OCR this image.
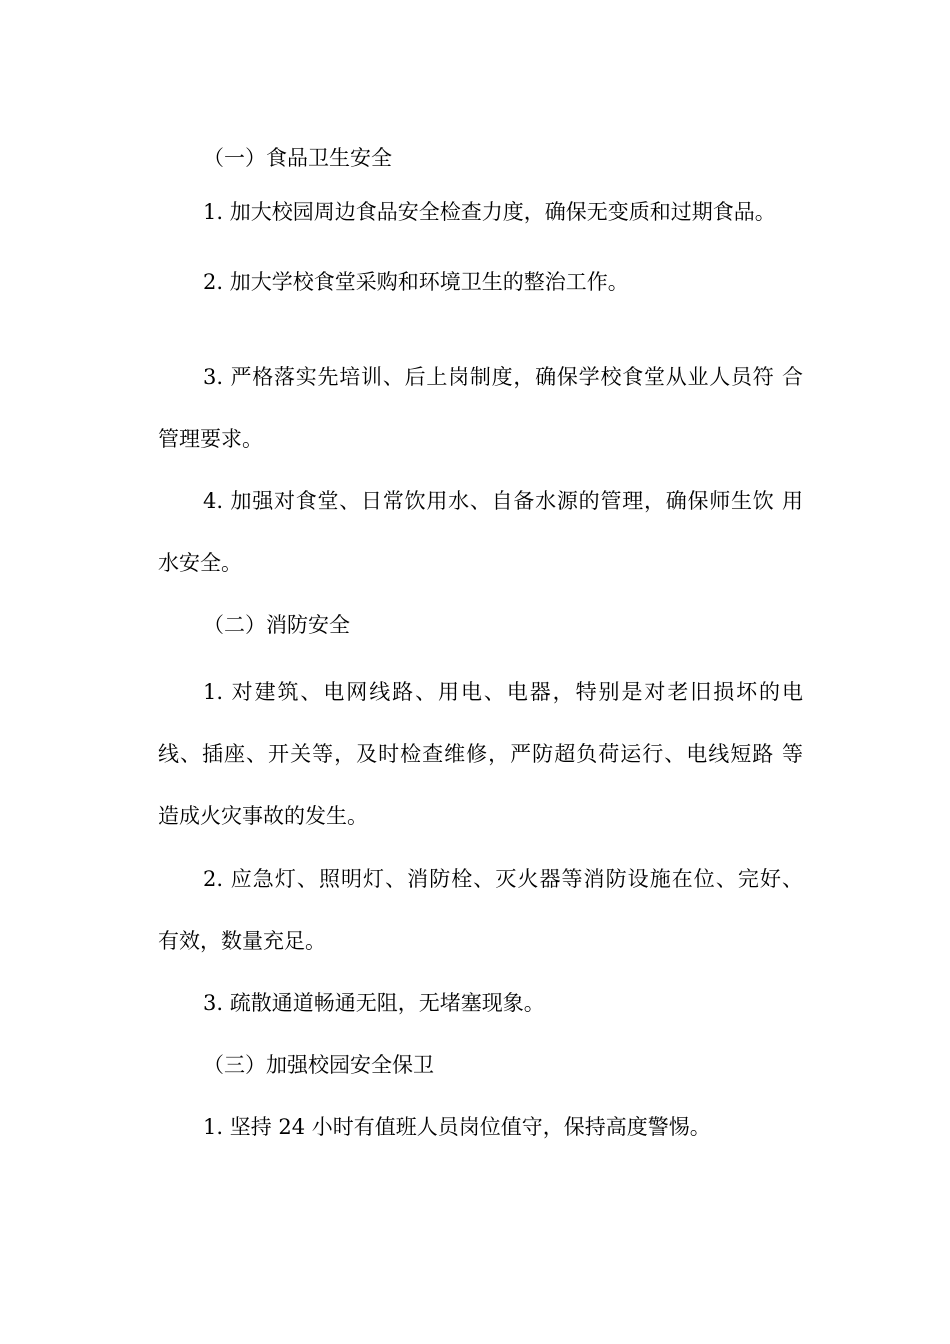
（一）食品卫生安全

1. 加大校园周边食品安全检查力度，确保无变质和过期食品。

2. 加大学校食堂采购和环境卫生的整治工作。

3. 严格落实先培训、后上岗制度，确保学校食堂从业人员符 合

管理要求。

4. 加强对食堂、日常饮用水、自备水源的管理，确保师生饮 用

水安全。

（二）消防安全

1. 对建筑、电网线路、用电、电器，特别是对老旧损坏的电

线、插座、开关等，及时检查维修，严防超负荷运行、电线短路 等

造成火灾事故的发生。

2. 应急灯、照明灯、消防栓、灭火器等消防设施在位、完好、

有效，数量充足。

3. 疏散通道畅通无阻，无堵塞现象。

（三）加强校园安全保卫

1. 坚持 24 小时有值班人员岗位值守，保持高度警惕。
